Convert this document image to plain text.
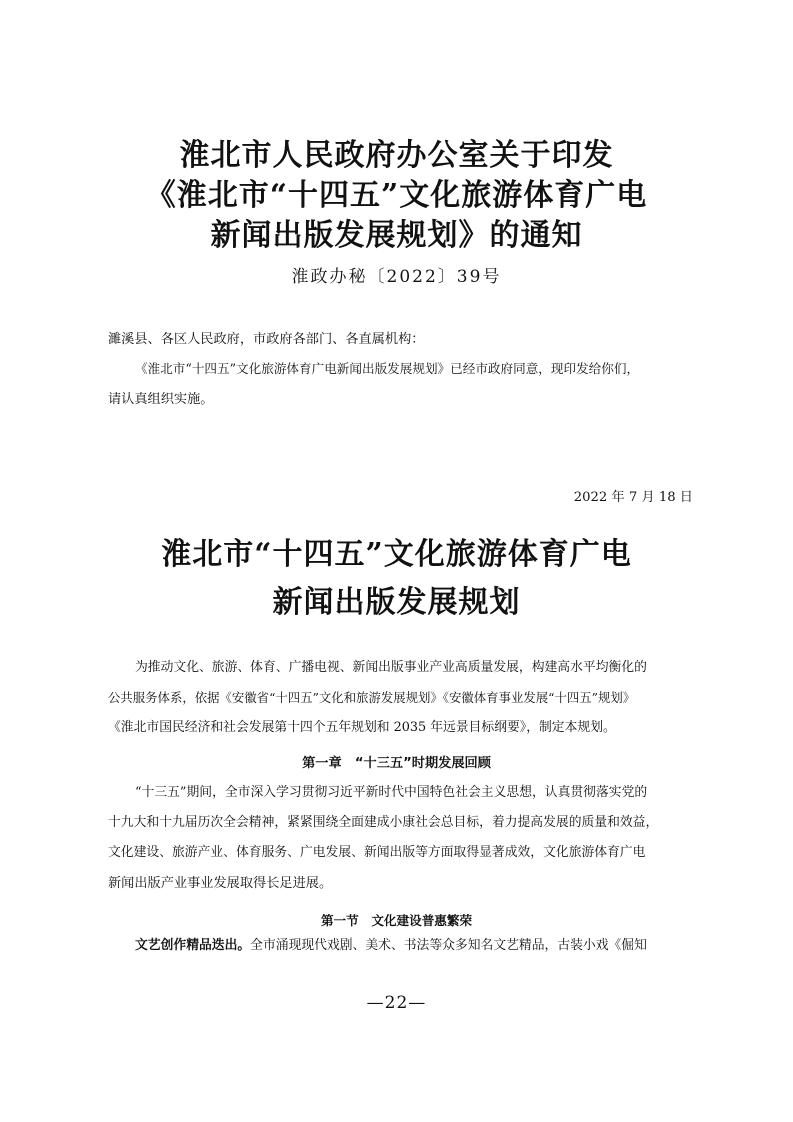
淮北市人民政府办公室关于印发
《淮北市“十四五”文化旅游体育广电
新闻出版发展规划》的通知
淮政办秘〔2022〕39号
濉溪县、各区人民政府，市政府各部门、各直属机构：
《淮北市“十四五”文化旅游体育广电新闻出版发展规划》已经市政府同意，现印发给你们，
请认真组织实施。
2022 年 7 月 18 日
淮北市“十四五”文化旅游体育广电
新闻出版发展规划
为推动文化、旅游、体育、广播电视、新闻出版事业产业高质量发展，构建高水平均衡化的
公共服务体系，依据《安徽省“十四五”文化和旅游发展规划》《安徽体育事业发展“十四五”规划》
《淮北市国民经济和社会发展第十四个五年规划和 2035 年远景目标纲要》，制定本规划。
第一章　“十三五”时期发展回顾
“十三五”期间，全市深入学习贯彻习近平新时代中国特色社会主义思想，认真贯彻落实党的
十九大和十九届历次全会精神，紧紧围绕全面建成小康社会总目标，着力提高发展的质量和效益，
文化建设、旅游产业、体育服务、广电发展、新闻出版等方面取得显著成效，文化旅游体育广电
新闻出版产业事业发展取得长足进展。
第一节　文化建设普惠繁荣
文艺创作精品迭出。全市涌现现代戏剧、美术、书法等众多知名文艺精品，古装小戏《倔知
—22—
